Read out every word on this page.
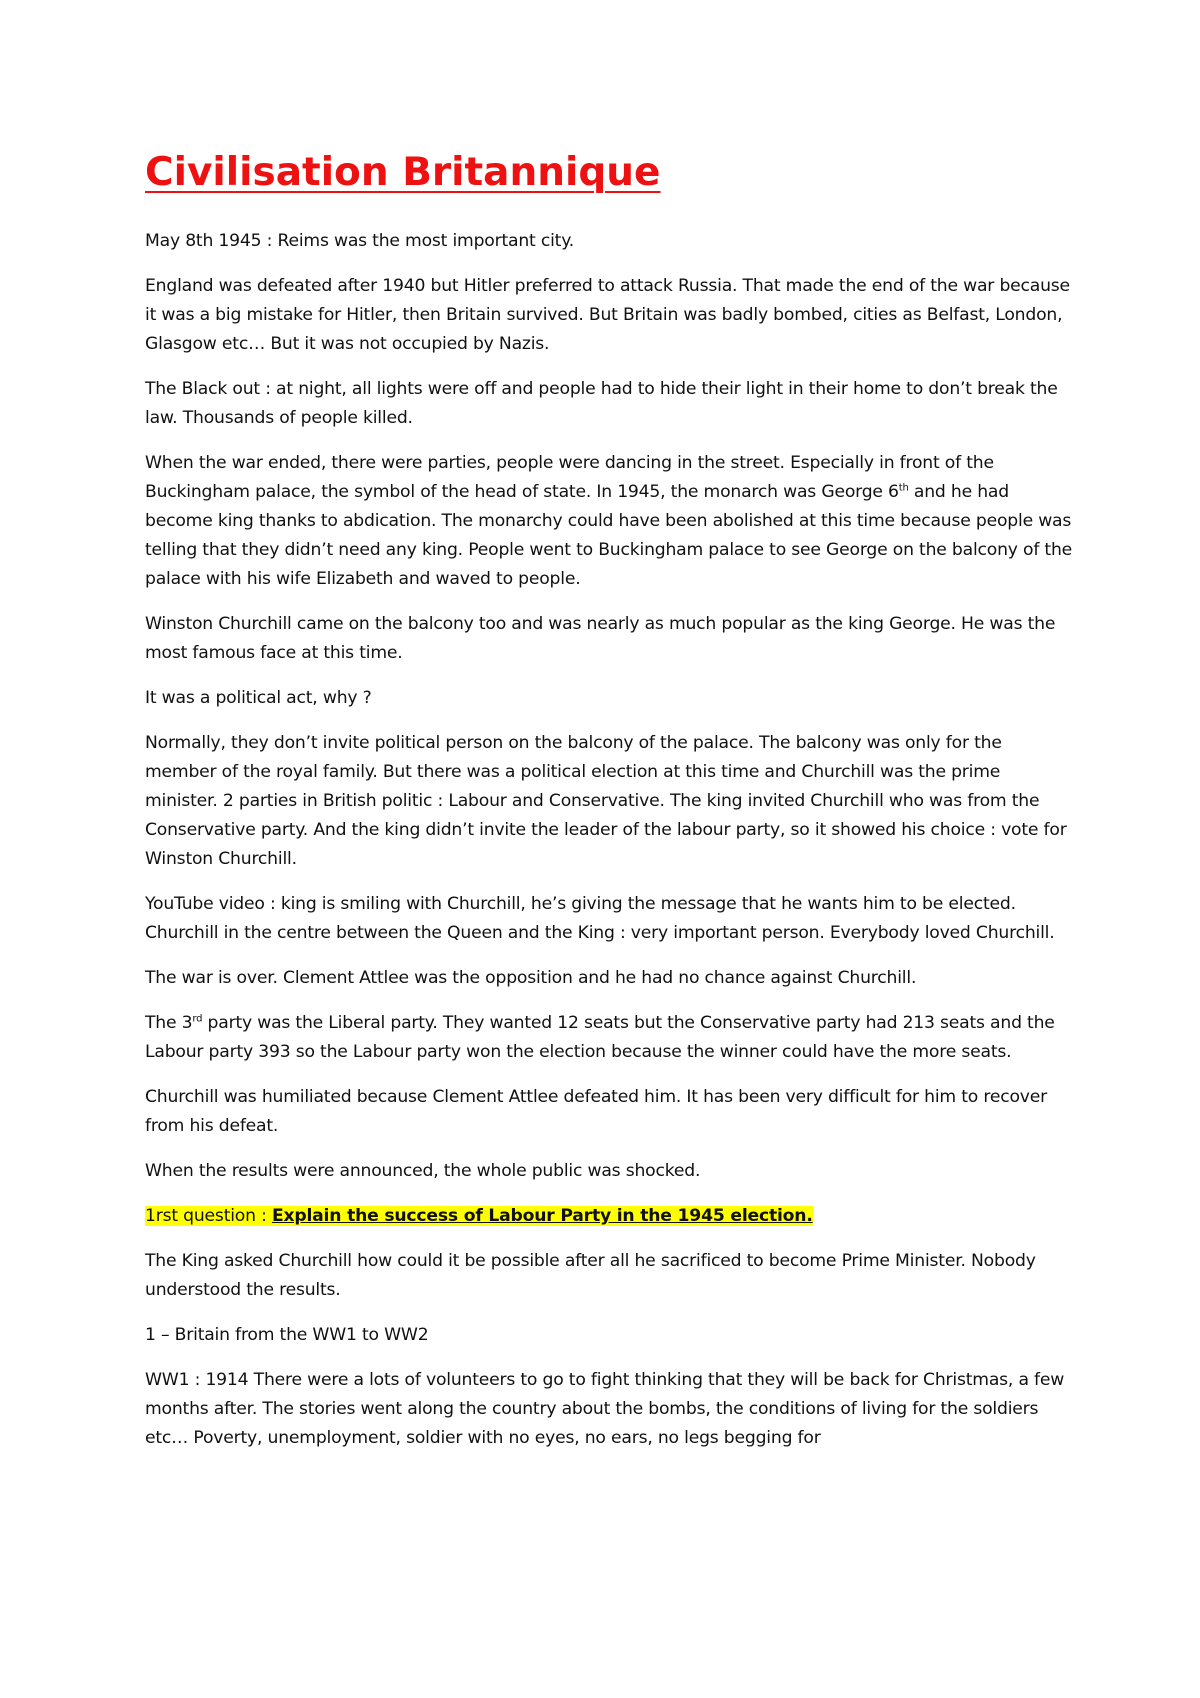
Civilisation Britannique

May 8th 1945 : Reims was the most important city.

England was defeated after 1940 but Hitler preferred to attack Russia. That made the end of the war because it was a big mistake for Hitler, then Britain survived. But Britain was badly bombed, cities as Belfast, London, Glasgow etc… But it was not occupied by Nazis.

The Black out : at night, all lights were off and people had to hide their light in their home to don’t break the law. Thousands of people killed.

When the war ended, there were parties, people were dancing in the street. Especially in front of the Buckingham palace, the symbol of the head of state. In 1945, the monarch was George 6th and he had become king thanks to abdication. The monarchy could have been abolished at this time because people was telling that they didn’t need any king. People went to Buckingham palace to see George on the balcony of the palace with his wife Elizabeth and waved to people.

Winston Churchill came on the balcony too and was nearly as much popular as the king George. He was the most famous face at this time.

It was a political act, why ?

Normally, they don’t invite political person on the balcony of the palace. The balcony was only for the member of the royal family. But there was a political election at this time and Churchill was the prime minister. 2 parties in British politic : Labour and Conservative. The king invited Churchill who was from the Conservative party. And the king didn’t invite the leader of the labour party, so it showed his choice : vote for Winston Churchill.

YouTube video : king is smiling with Churchill, he’s giving the message that he wants him to be elected. Churchill in the centre between the Queen and the King : very important person. Everybody loved Churchill.

The war is over. Clement Attlee was the opposition and he had no chance against Churchill.

The 3rd party was the Liberal party. They wanted 12 seats but the Conservative party had 213 seats and the Labour party 393 so the Labour party won the election because the winner could have the more seats.

Churchill was humiliated because Clement Attlee defeated him. It has been very difficult for him to recover from his defeat.

When the results were announced, the whole public was shocked.

1rst question : Explain the success of Labour Party in the 1945 election.

The King asked Churchill how could it be possible after all he sacrificed to become Prime Minister. Nobody understood the results.

1 – Britain from the WW1 to WW2

WW1 : 1914 There were a lots of volunteers to go to fight thinking that they will be back for Christmas, a few months after. The stories went along the country about the bombs, the conditions of living for the soldiers etc… Poverty, unemployment, soldier with no eyes, no ears, no legs begging for
